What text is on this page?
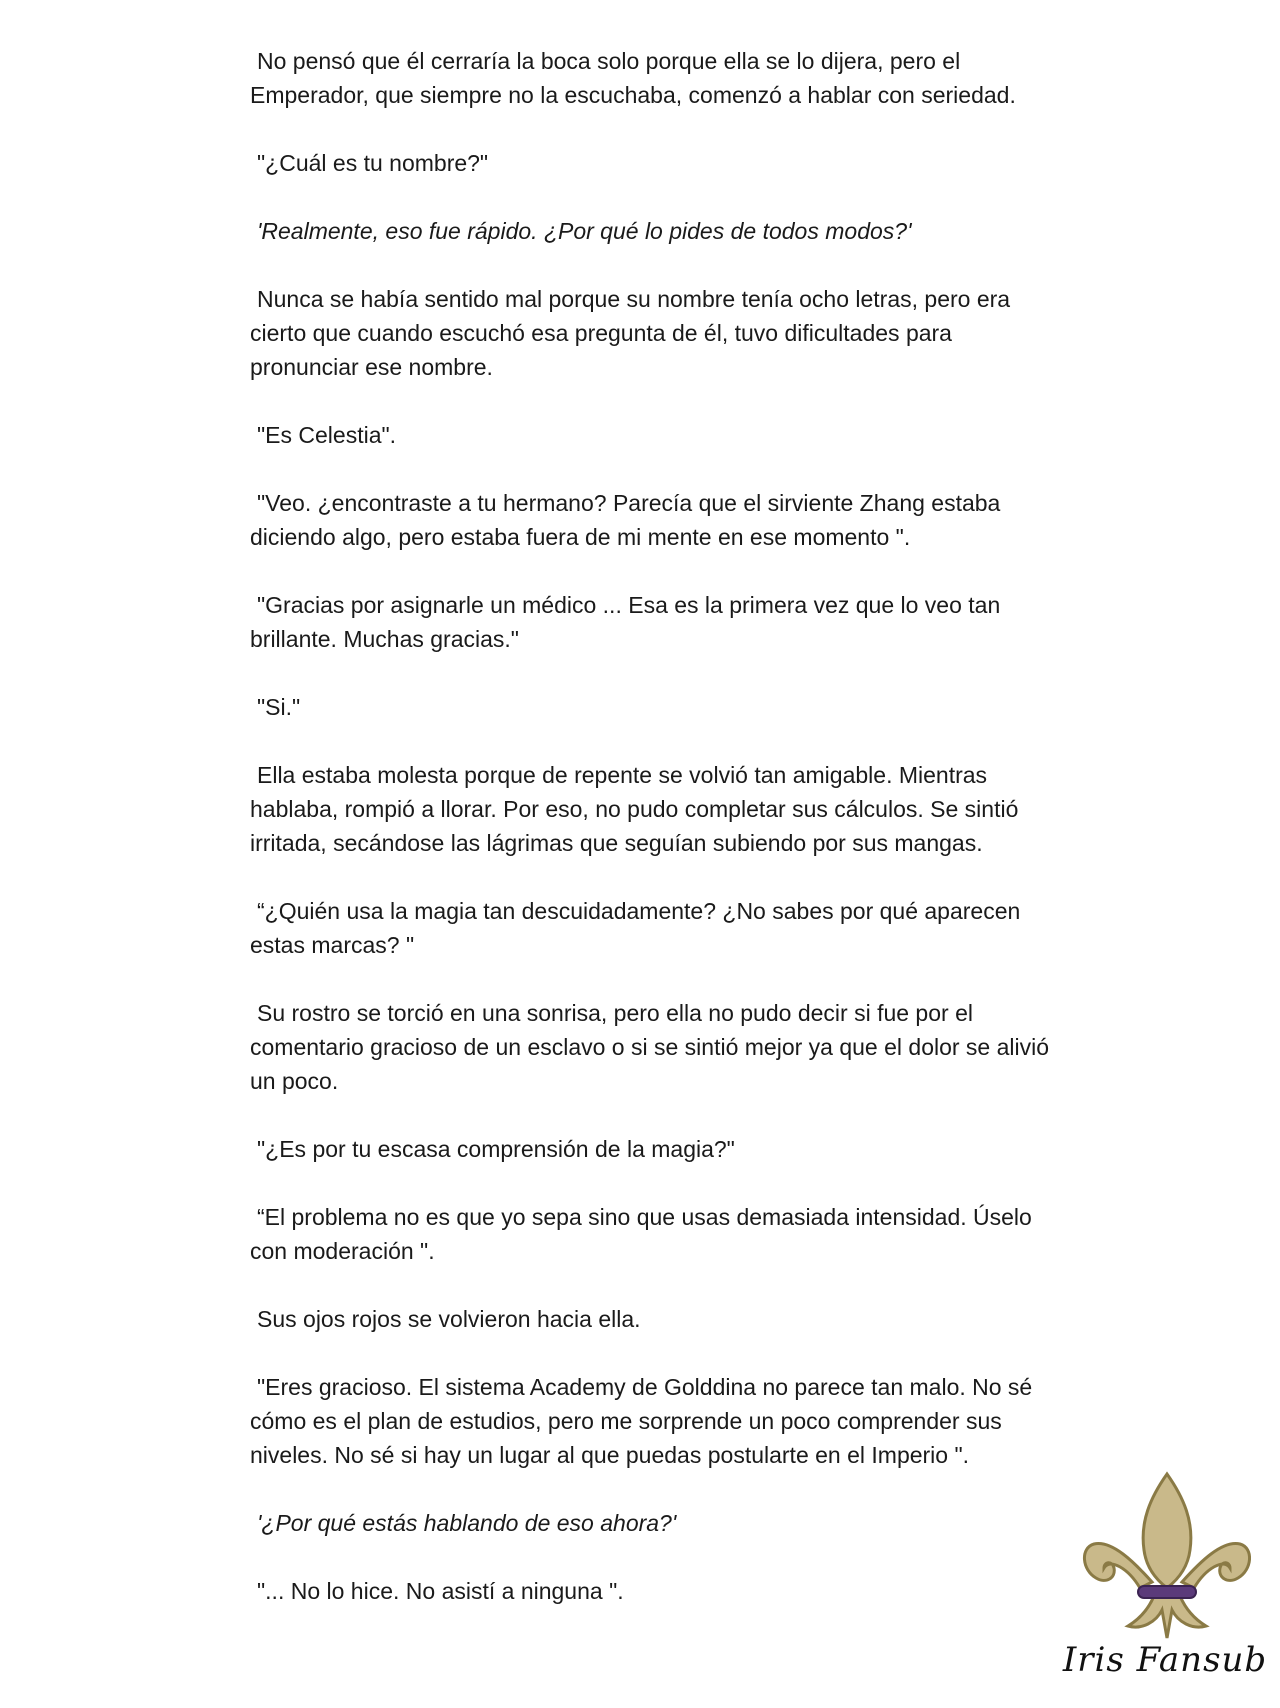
No pensó que él cerraría la boca solo porque ella se lo dijera, pero el Emperador, que siempre no la escuchaba, comenzó a hablar con seriedad.
"¿Cuál es tu nombre?"
'Realmente, eso fue rápido. ¿Por qué lo pides de todos modos?'
Nunca se había sentido mal porque su nombre tenía ocho letras, pero era cierto que cuando escuchó esa pregunta de él, tuvo dificultades para pronunciar ese nombre.
"Es Celestia".
"Veo. ¿encontraste a tu hermano? Parecía que el sirviente Zhang estaba diciendo algo, pero estaba fuera de mi mente en ese momento ".
"Gracias por asignarle un médico ... Esa es la primera vez que lo veo tan brillante. Muchas gracias."
"Si."
Ella estaba molesta porque de repente se volvió tan amigable. Mientras hablaba, rompió a llorar. Por eso, no pudo completar sus cálculos. Se sintió irritada, secándose las lágrimas que seguían subiendo por sus mangas.
“¿Quién usa la magia tan descuidadamente? ¿No sabes por qué aparecen estas marcas? "
Su rostro se torció en una sonrisa, pero ella no pudo decir si fue por el comentario gracioso de un esclavo o si se sintió mejor ya que el dolor se alivió un poco.
"¿Es por tu escasa comprensión de la magia?"
“El problema no es que yo sepa sino que usas demasiada intensidad. Úselo con moderación ".
Sus ojos rojos se volvieron hacia ella.
"Eres gracioso. El sistema Academy de Golddina no parece tan malo. No sé cómo es el plan de estudios, pero me sorprende un poco comprender sus niveles. No sé si hay un lugar al que puedas postularte en el Imperio ".
'¿Por qué estás hablando de eso ahora?'
"... No lo hice. No asistí a ninguna ".
Iris Fansub
